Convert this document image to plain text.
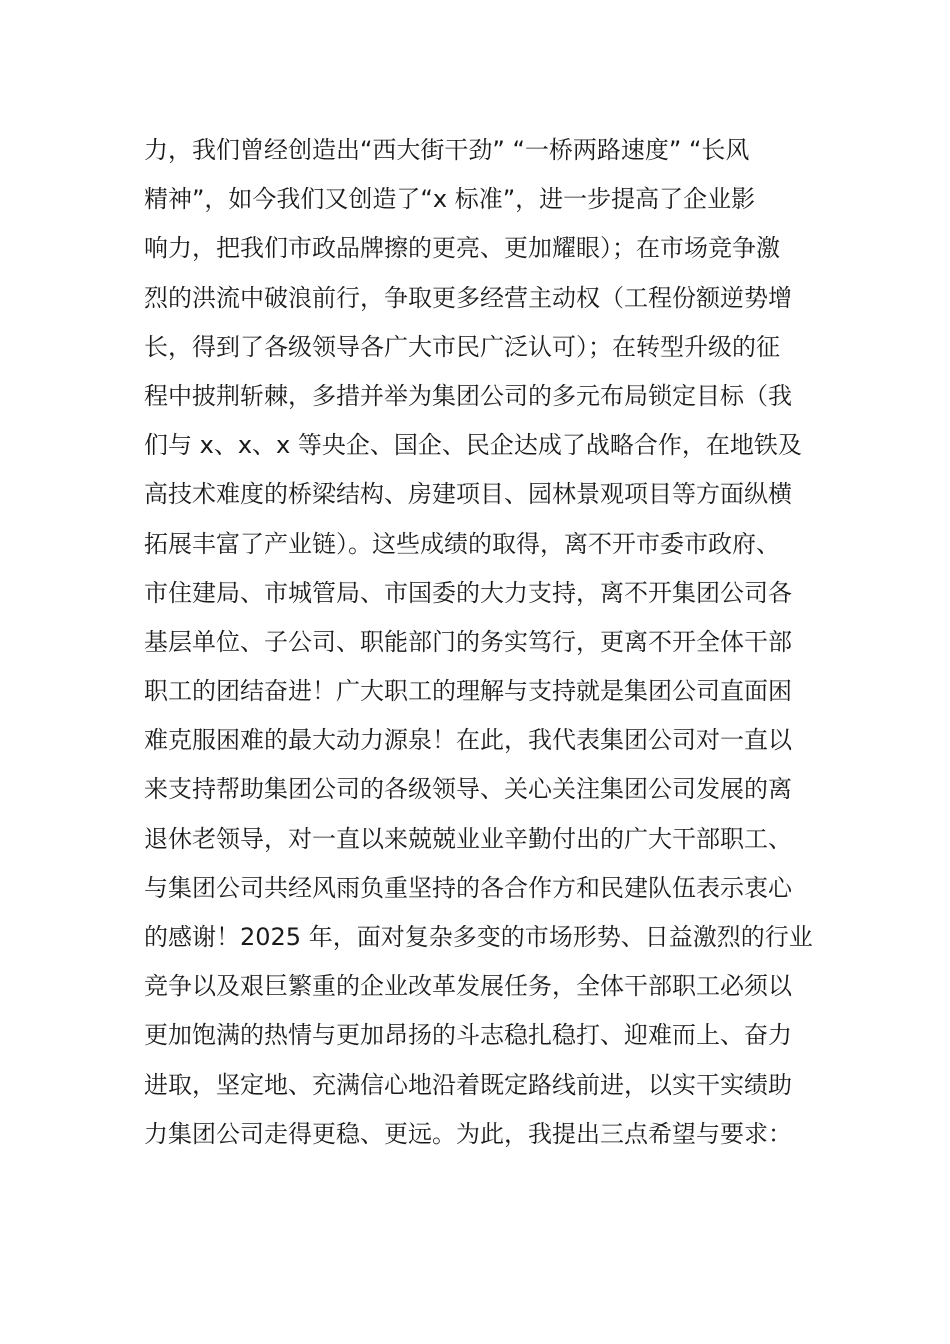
力，我们曾经创造出“西大街干劲” “一桥两路速度” “长风
精神”，如今我们又创造了“x 标准”，进一步提高了企业影
响力，把我们市政品牌擦的更亮、更加耀眼）；在市场竞争激
烈的洪流中破浪前行，争取更多经营主动权（工程份额逆势增
长，得到了各级领导各广大市民广泛认可）；在转型升级的征
程中披荆斩棘，多措并举为集团公司的多元布局锁定目标（我
们与 x、x、x 等央企、国企、民企达成了战略合作，在地铁及
高技术难度的桥梁结构、房建项目、园林景观项目等方面纵横
拓展丰富了产业链）。这些成绩的取得，离不开市委市政府、
市住建局、市城管局、市国委的大力支持，离不开集团公司各
基层单位、子公司、职能部门的务实笃行，更离不开全体干部
职工的团结奋进！广大职工的理解与支持就是集团公司直面困
难克服困难的最大动力源泉！在此，我代表集团公司对一直以
来支持帮助集团公司的各级领导、关心关注集团公司发展的离
退休老领导，对一直以来兢兢业业辛勤付出的广大干部职工、
与集团公司共经风雨负重坚持的各合作方和民建队伍表示衷心
的感谢！2025 年，面对复杂多变的市场形势、日益激烈的行业
竞争以及艰巨繁重的企业改革发展任务，全体干部职工必须以
更加饱满的热情与更加昂扬的斗志稳扎稳打、迎难而上、奋力
进取，坚定地、充满信心地沿着既定路线前进，以实干实绩助
力集团公司走得更稳、更远。为此，我提出三点希望与要求：
